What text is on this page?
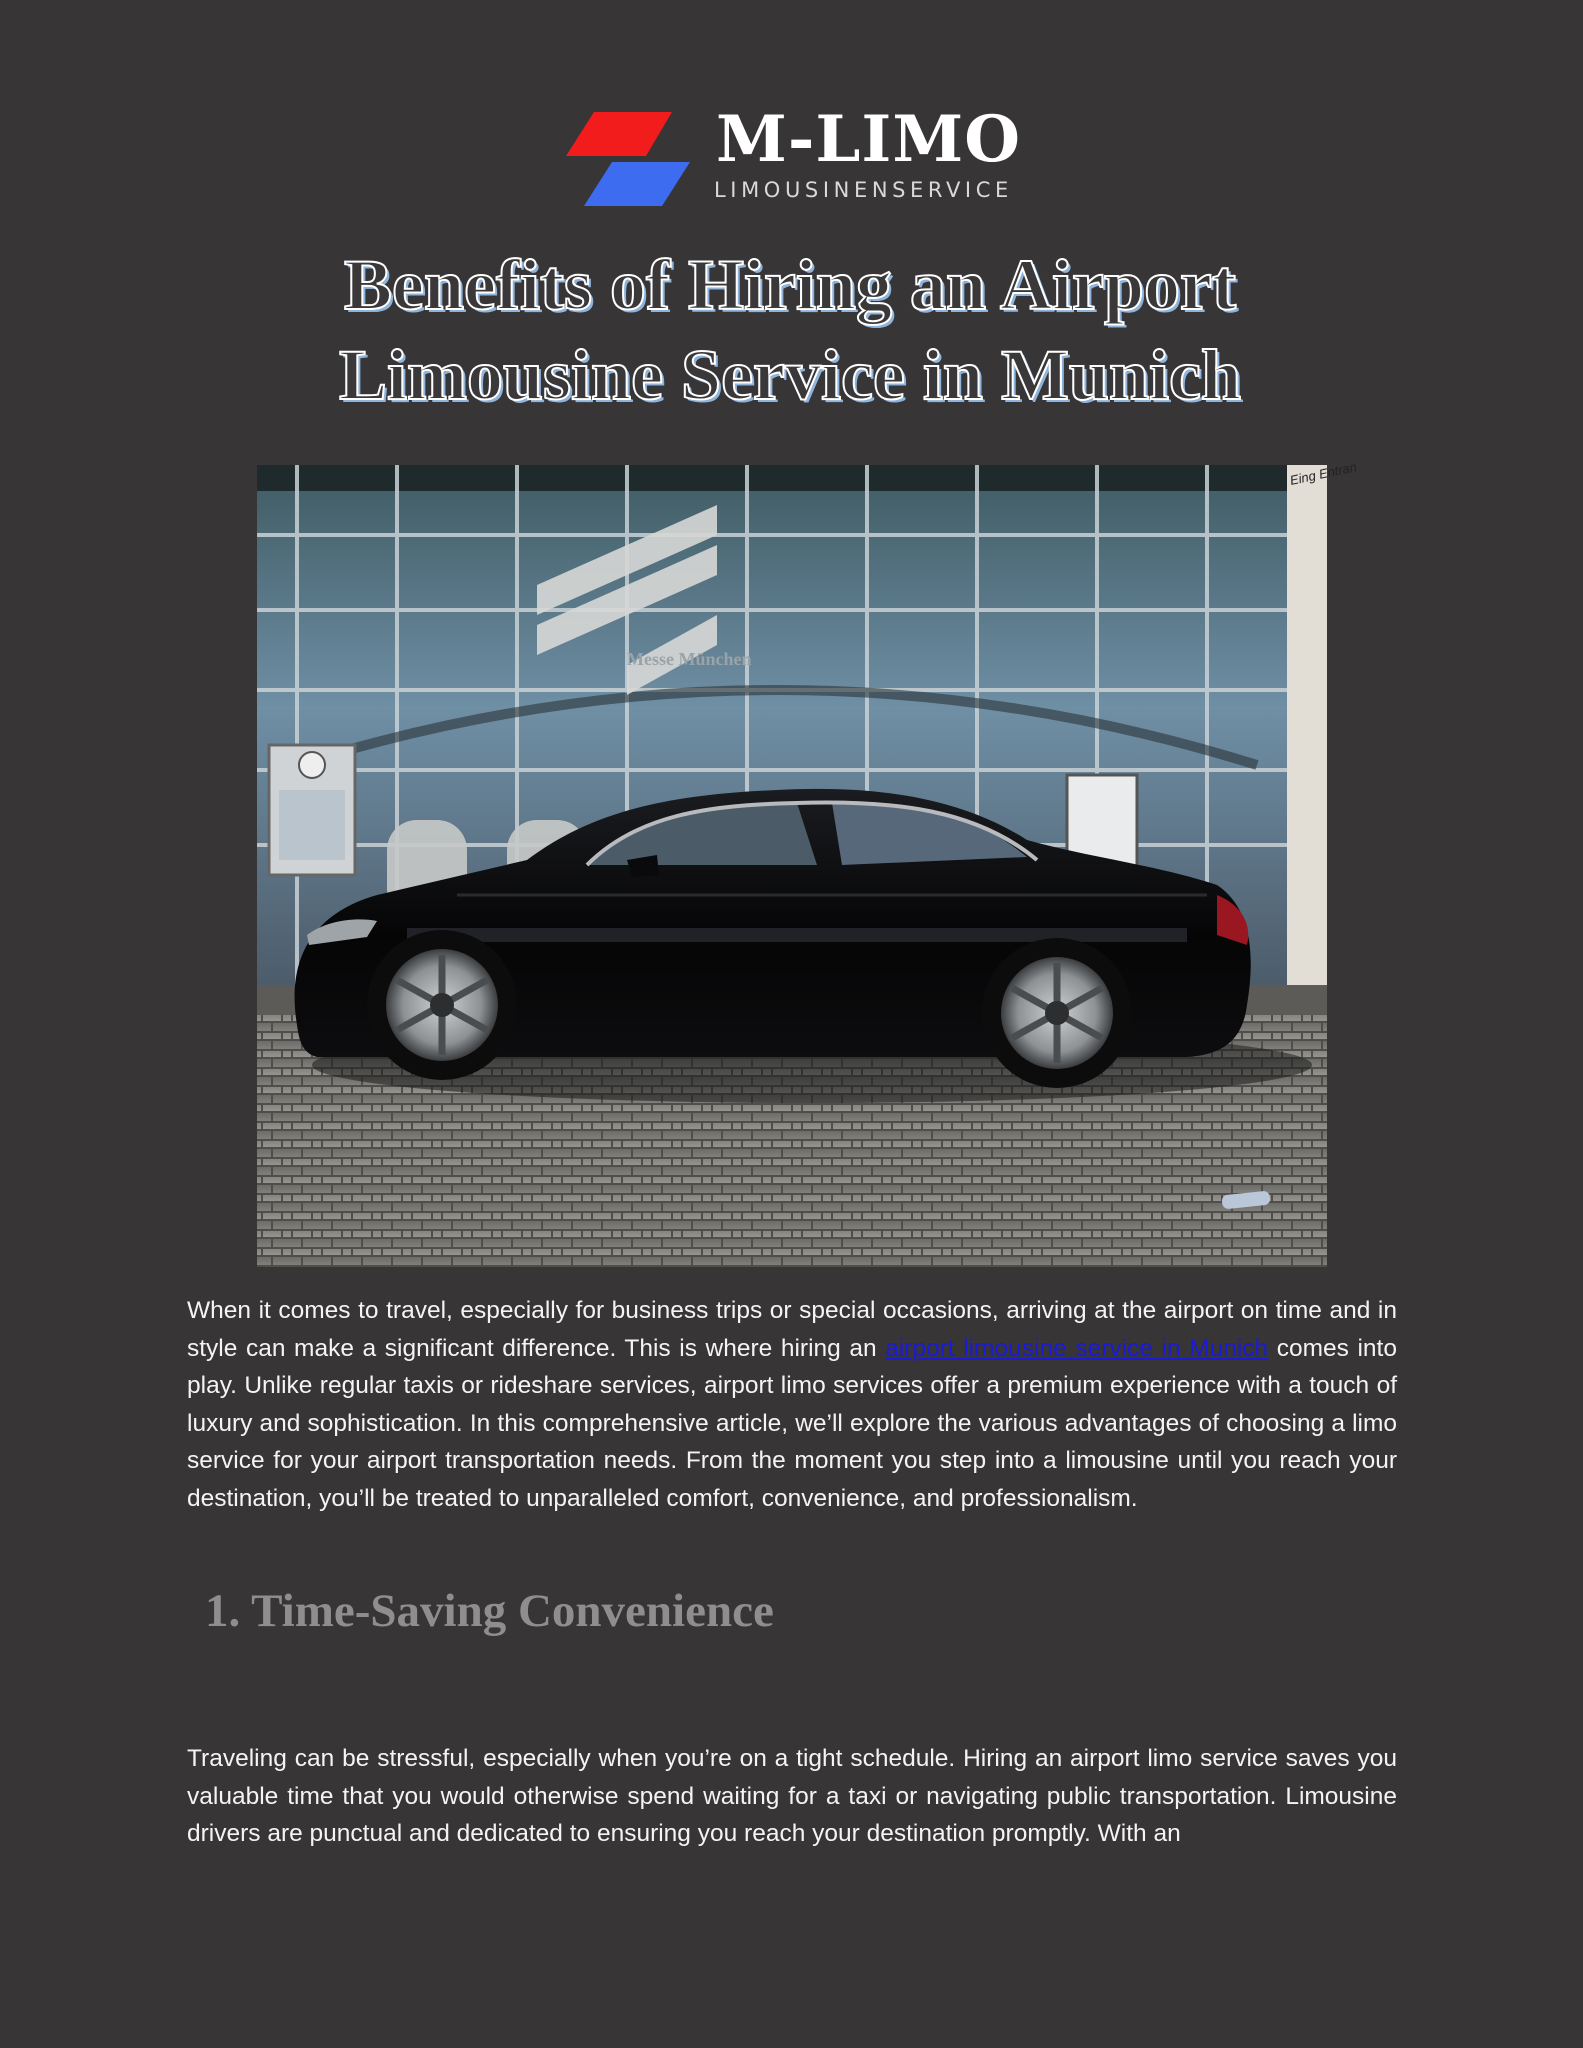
M-LIMO
LIMOUSINENSERVICE
Benefits of Hiring an Airport
Limousine Service in Munich
Messe München
Eing Entran

When it comes to travel, especially for business trips or special occasions, arriving at the airport on time and in style can make a significant difference. This is where hiring an airport limousine service in Munich comes into play. Unlike regular taxis or rideshare services, airport limo services offer a premium experience with a touch of luxury and sophistication. In this comprehensive article, we’ll explore the various advantages of choosing a limo service for your airport transportation needs. From the moment you step into a limousine until you reach your destination, you’ll be treated to unparalleled comfort, convenience, and professionalism.

1. Time-Saving Convenience

Traveling can be stressful, especially when you’re on a tight schedule. Hiring an airport limo service saves you valuable time that you would otherwise spend waiting for a taxi or navigating public transportation. Limousine drivers are punctual and dedicated to ensuring you reach your destination promptly. With an
